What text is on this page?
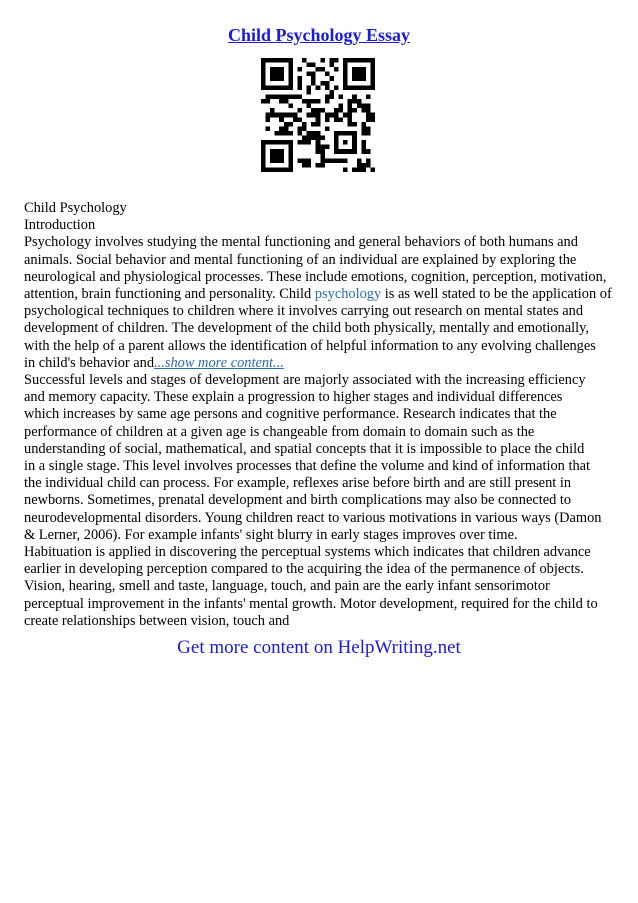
Child Psychology Essay
Child Psychology
Introduction
Psychology involves studying the mental functioning and general behaviors of both humans and
animals. Social behavior and mental functioning of an individual are explained by exploring the
neurological and physiological processes. These include emotions, cognition, perception, motivation,
attention, brain functioning and personality. Child psychology is as well stated to be the application of
psychological techniques to children where it involves carrying out research on mental states and
development of children. The development of the child both physically, mentally and emotionally,
with the help of a parent allows the identification of helpful information to any evolving challenges
in child's behavior and...show more content...
Successful levels and stages of development are majorly associated with the increasing efficiency
and memory capacity. These explain a progression to higher stages and individual differences
which increases by same age persons and cognitive performance. Research indicates that the
performance of children at a given age is changeable from domain to domain such as the
understanding of social, mathematical, and spatial concepts that it is impossible to place the child
in a single stage. This level involves processes that define the volume and kind of information that
the individual child can process. For example, reflexes arise before birth and are still present in
newborns. Sometimes, prenatal development and birth complications may also be connected to
neurodevelopmental disorders. Young children react to various motivations in various ways (Damon
& Lerner, 2006). For example infants' sight blurry in early stages improves over time.
Habituation is applied in discovering the perceptual systems which indicates that children advance
earlier in developing perception compared to the acquiring the idea of the permanence of objects.
Vision, hearing, smell and taste, language, touch, and pain are the early infant sensorimotor
perceptual improvement in the infants' mental growth. Motor development, required for the child to
create relationships between vision, touch and
Get more content on HelpWriting.net
